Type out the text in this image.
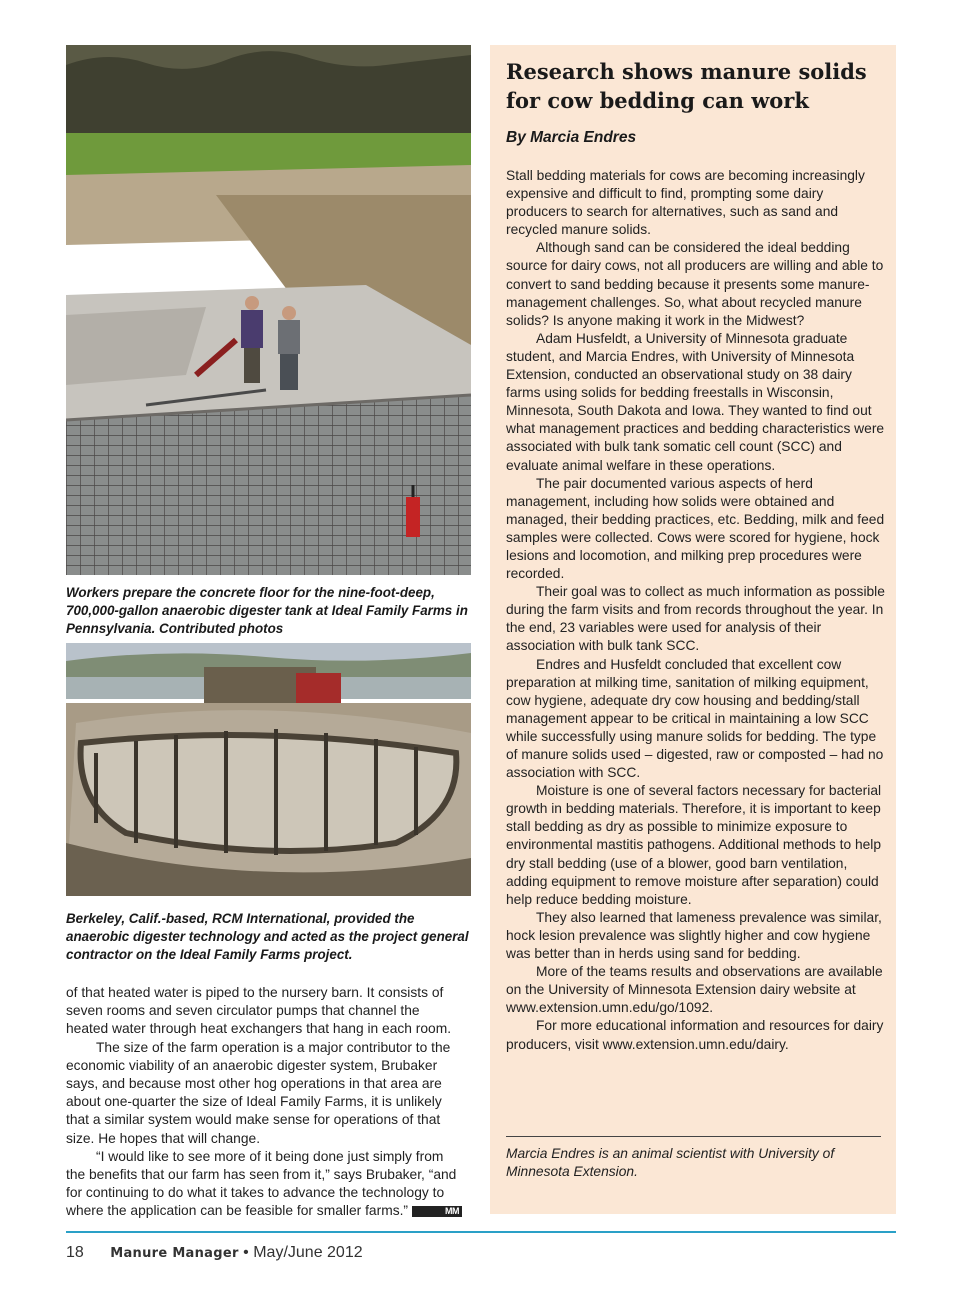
Workers prepare the concrete floor for the nine-foot-deep, 700,000-gallon anaerobic digester tank at Ideal Family Farms in Pennsylvania. Contributed photos

Berkeley, Calif.-based, RCM International, provided the anaerobic digester technology and acted as the project general contractor on the Ideal Family Farms project.

of that heated water is piped to the nursery barn. It consists of seven rooms and seven circulator pumps that channel the heated water through heat exchangers that hang in each room.

The size of the farm operation is a major contributor to the economic viability of an anaerobic digester system, Brubaker says, and because most other hog operations in that area are about one-quarter the size of Ideal Family Farms, it is unlikely that a similar system would make sense for operations of that size. He hopes that will change.

“I would like to see more of it being done just simply from the benefits that our farm has seen from it,” says Brubaker, “and for continuing to do what it takes to advance the technology to where the application can be feasible for smaller farms.”	MM

Research shows manure solids for cow bedding can work

By Marcia Endres

Stall bedding materials for cows are becoming increasingly expensive and difficult to find, prompting some dairy producers to search for alternatives, such as sand and recycled manure solids.

Although sand can be considered the ideal bedding source for dairy cows, not all producers are willing and able to convert to sand bedding because it presents some manure-management challenges. So, what about recycled manure solids? Is anyone making it work in the Midwest?

Adam Husfeldt, a University of Minnesota graduate student, and Marcia Endres, with University of Minnesota Extension, conducted an observational study on 38 dairy farms using solids for bedding freestalls in Wisconsin, Minnesota, South Dakota and Iowa. They wanted to find out what management practices and bedding characteristics were associated with bulk tank somatic cell count (SCC) and evaluate animal welfare in these operations.

The pair documented various aspects of herd management, including how solids were obtained and managed, their bedding practices, etc. Bedding, milk and feed samples were collected. Cows were scored for hygiene, hock lesions and locomotion, and milking prep procedures were recorded.

Their goal was to collect as much information as possible during the farm visits and from records throughout the year. In the end, 23 variables were used for analysis of their association with bulk tank SCC.

Endres and Husfeldt concluded that excellent cow preparation at milking time, sanitation of milking equipment, cow hygiene, adequate dry cow housing and bedding/stall management appear to be critical in maintaining a low SCC while successfully using manure solids for bedding. The type of manure solids used – digested, raw or composted – had no association with SCC.

Moisture is one of several factors necessary for bacterial growth in bedding materials. Therefore, it is important to keep stall bedding as dry as possible to minimize exposure to environmental mastitis pathogens. Additional methods to help dry stall bedding (use of a blower, good barn ventilation, adding equipment to remove moisture after separation) could help reduce bedding moisture.

They also learned that lameness prevalence was similar, hock lesion prevalence was slightly higher and cow hygiene was better than in herds using sand for bedding.

More of the teams results and observations are available on the University of Minnesota Extension dairy website at www.extension.umn.edu/go/1092.

For more educational information and resources for dairy producers, visit www.extension.umn.edu/dairy.

Marcia Endres is an animal scientist with University of Minnesota Extension.

18 Manure Manager • May/June 2012
